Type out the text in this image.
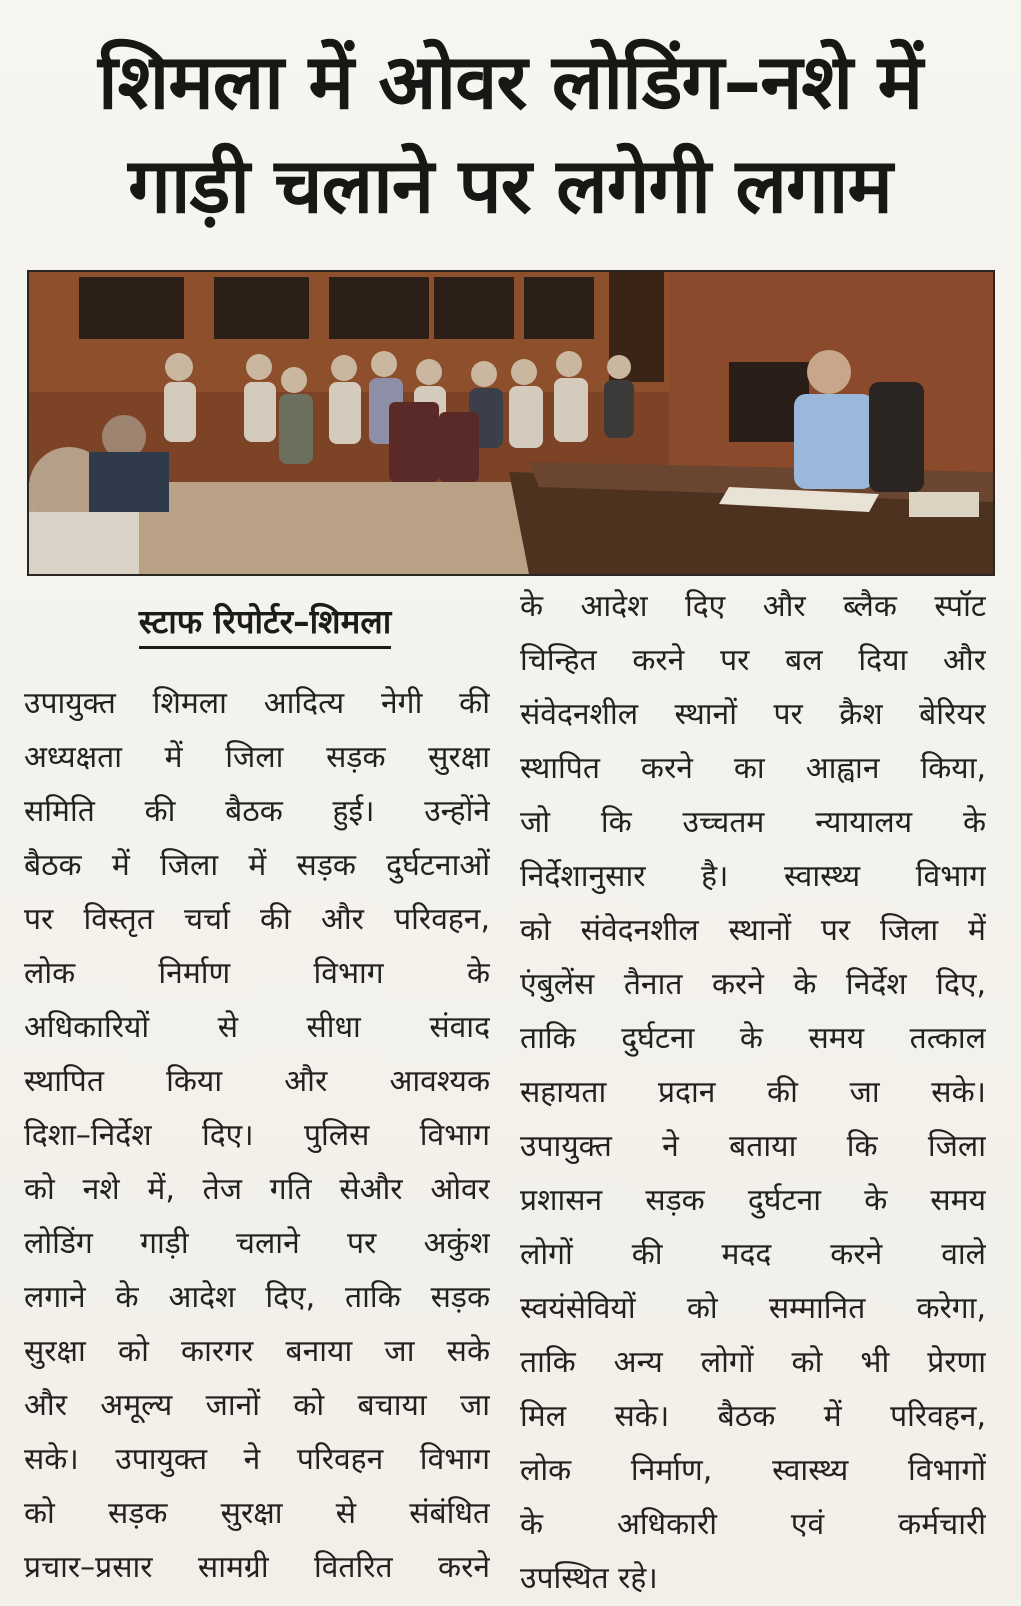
शिमला में ओवर लोडिंग–नशे में
गाड़ी चलाने पर लगेगी लगाम
स्टाफ रिपोर्टर–शिमला
उपायुक्त शिमला आदित्य नेगी की
अध्यक्षता में जिला सड़क सुरक्षा
समिति की बैठक हुई। उन्होंने
बैठक में जिला में सड़क दुर्घटनाओं
पर विस्तृत चर्चा की और परिवहन,
लोक निर्माण विभाग के
अधिकारियों से सीधा संवाद
स्थापित किया और आवश्यक
दिशा–निर्देश दिए। पुलिस विभाग
को नशे में, तेज गति सेऔर ओवर
लोडिंग गाड़ी चलाने पर अकुंश
लगाने के आदेश दिए, ताकि सड़क
सुरक्षा को कारगर बनाया जा सके
और अमूल्य जानों को बचाया जा
सके। उपायुक्त ने परिवहन विभाग
को सड़क सुरक्षा से संबंधित
प्रचार–प्रसार सामग्री वितरित करने
के आदेश दिए और ब्लैक स्पॉट
चिन्हित करने पर बल दिया और
संवेदनशील स्थानों पर क्रैश बेरियर
स्थापित करने का आह्वान किया,
जो कि उच्चतम न्यायालय के
निर्देशानुसार है। स्वास्थ्य विभाग
को संवेदनशील स्थानों पर जिला में
एंबुलेंस तैनात करने के निर्देश दिए,
ताकि दुर्घटना के समय तत्काल
सहायता प्रदान की जा सके।
उपायुक्त ने बताया कि जिला
प्रशासन सड़क दुर्घटना के समय
लोगों की मदद करने वाले
स्वयंसेवियों को सम्मानित करेगा,
ताकि अन्य लोगों को भी प्रेरणा
मिल सके। बैठक में परिवहन,
लोक निर्माण, स्वास्थ्य विभागों
के अधिकारी एवं कर्मचारी
उपस्थित रहे।
